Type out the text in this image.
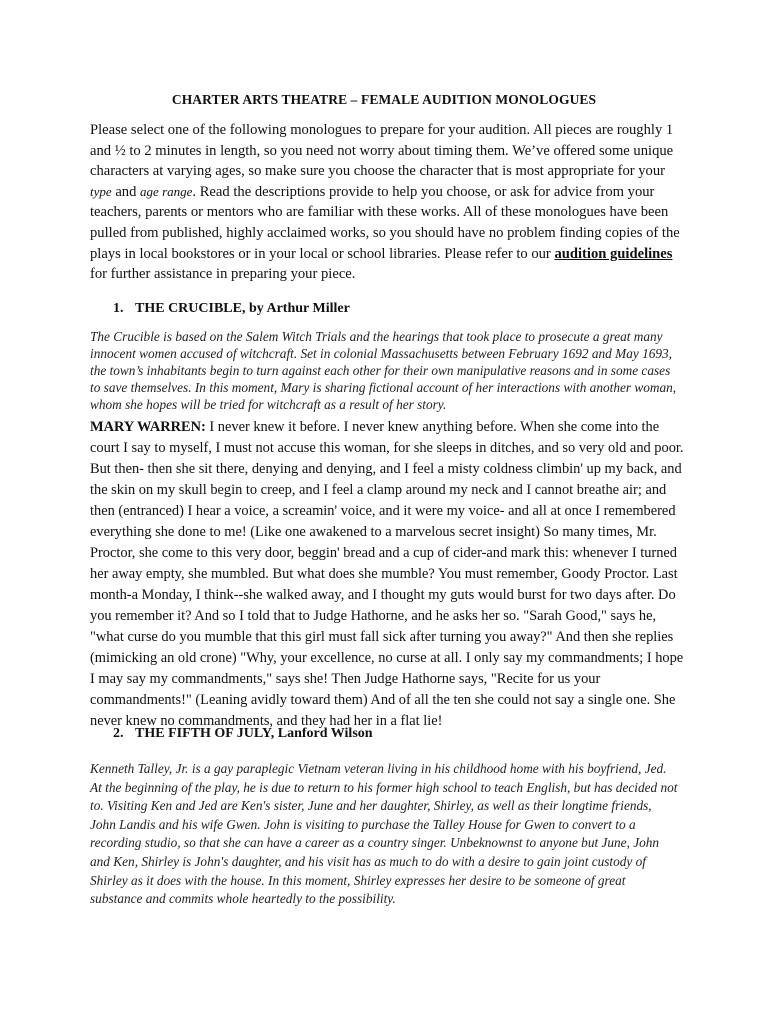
CHARTER ARTS THEATRE – FEMALE AUDITION MONOLOGUES

Please select one of the following monologues to prepare for your audition. All pieces are roughly 1 and ½ to 2 minutes in length, so you need not worry about timing them. We’ve offered some unique characters at varying ages, so make sure you choose the character that is most appropriate for your type and age range. Read the descriptions provide to help you choose, or ask for advice from your teachers, parents or mentors who are familiar with these works. All of these monologues have been pulled from published, highly acclaimed works, so you should have no problem finding copies of the plays in local bookstores or in your local or school libraries. Please refer to our audition guidelines for further assistance in preparing your piece.

1. THE CRUCIBLE, by Arthur Miller

The Crucible is based on the Salem Witch Trials and the hearings that took place to prosecute a great many innocent women accused of witchcraft. Set in colonial Massachusetts between February 1692 and May 1693, the town’s inhabitants begin to turn against each other for their own manipulative reasons and in some cases to save themselves. In this moment, Mary is sharing fictional account of her interactions with another woman, whom she hopes will be tried for witchcraft as a result of her story.

MARY WARREN: I never knew it before. I never knew anything before. When she come into the court I say to myself, I must not accuse this woman, for she sleeps in ditches, and so very old and poor. But then- then she sit there, denying and denying, and I feel a misty coldness climbin' up my back, and the skin on my skull begin to creep, and I feel a clamp around my neck and I cannot breathe air; and then (entranced) I hear a voice, a screamin' voice, and it were my voice- and all at once I remembered everything she done to me! (Like one awakened to a marvelous secret insight) So many times, Mr. Proctor, she come to this very door, beggin' bread and a cup of cider-and mark this: whenever I turned her away empty, she mumbled. But what does she mumble? You must remember, Goody Proctor. Last month-a Monday, I think--she walked away, and I thought my guts would burst for two days after. Do you remember it? And so I told that to Judge Hathorne, and he asks her so. "Sarah Good," says he, "what curse do you mumble that this girl must fall sick after turning you away?" And then she replies (mimicking an old crone) "Why, your excellence, no curse at all. I only say my commandments; I hope I may say my commandments," says she! Then Judge Hathorne says, "Recite for us your commandments!" (Leaning avidly toward them) And of all the ten she could not say a single one. She never knew no commandments, and they had her in a flat lie!

2. THE FIFTH OF JULY, Lanford Wilson

Kenneth Talley, Jr. is a gay paraplegic Vietnam veteran living in his childhood home with his boyfriend, Jed. At the beginning of the play, he is due to return to his former high school to teach English, but has decided not to. Visiting Ken and Jed are Ken's sister, June and her daughter, Shirley, as well as their longtime friends, John Landis and his wife Gwen. John is visiting to purchase the Talley House for Gwen to convert to a recording studio, so that she can have a career as a country singer. Unbeknownst to anyone but June, John and Ken, Shirley is John's daughter, and his visit has as much to do with a desire to gain joint custody of Shirley as it does with the house. In this moment, Shirley expresses her desire to be someone of great substance and commits whole heartedly to the possibility.
